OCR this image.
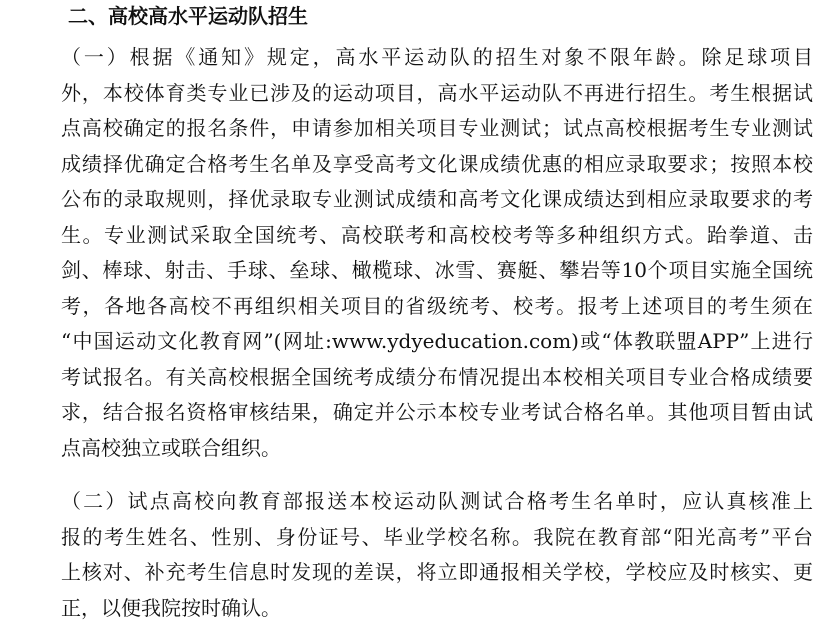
二、高校高水平运动队招生

（一）根据《通知》规定，高水平运动队的招生对象不限年龄。除足球项目
外，本校体育类专业已涉及的运动项目，高水平运动队不再进行招生。考生根据试
点高校确定的报名条件，申请参加相关项目专业测试；试点高校根据考生专业测试
成绩择优确定合格考生名单及享受高考文化课成绩优惠的相应录取要求；按照本校
公布的录取规则，择优录取专业测试成绩和高考文化课成绩达到相应录取要求的考
生。专业测试采取全国统考、高校联考和高校校考等多种组织方式。跆拳道、击
剑、棒球、射击、手球、垒球、橄榄球、冰雪、赛艇、攀岩等10个项目实施全国统
考，各地各高校不再组织相关项目的省级统考、校考。报考上述项目的考生须在
“中国运动文化教育网”(网址:www.ydyeducation.com)或“体教联盟APP”上进行
考试报名。有关高校根据全国统考成绩分布情况提出本校相关项目专业合格成绩要
求，结合报名资格审核结果，确定并公示本校专业考试合格名单。其他项目暂由试
点高校独立或联合组织。

（二）试点高校向教育部报送本校运动队测试合格考生名单时，应认真核准上
报的考生姓名、性别、身份证号、毕业学校名称。我院在教育部“阳光高考”平台
上核对、补充考生信息时发现的差误，将立即通报相关学校，学校应及时核实、更
正，以便我院按时确认。
